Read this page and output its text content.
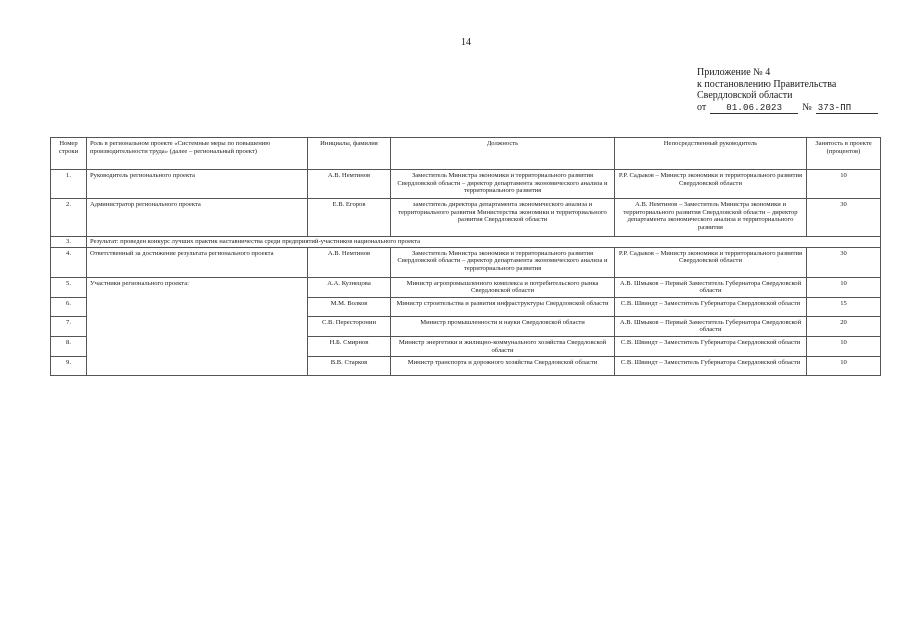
14
Приложение № 4
к постановлению Правительства
Свердловской области
от 01.06.2023 № 373-ПП
Номер строки	Роль в региональном проекте «Системные меры по повышению производительности труда» (далее – региональный проект)	Инициалы, фамилия	Должность	Непосредственный руководитель	Занятость в проекте (процентов)
1.	Руководитель регионального проекта	А.В. Немтинов	Заместитель Министра экономики и территориального развития Свердловской области – директор департамента экономического анализа и территориального развития	Р.Р. Садыков – Министр экономики и территориального развития Свердловской области	10
2.	Администратор регионального проекта	Е.В. Егоров	заместитель директора департамента экономического анализа и территориального развития Министерства экономики и территориального развития Свердловской области	А.В. Немтинов – Заместитель Министра экономики и территориального развития Свердловской области – директор департамента экономического анализа и территориального развития	30
3.	Результат: проведен конкурс лучших практик наставничества среди предприятий-участников национального проекта				
4.	Ответственный за достижение результата регионального проекта	А.В. Немтинов	Заместитель Министра экономики и территориального развития Свердловской области – директор департамента экономического анализа и территориального развития	Р.Р. Садыков – Министр экономики и территориального развития Свердловской области	30
5.	Участники регионального проекта:	А.А. Кузнецова	Министр агропромышленного комплекса и потребительского рынка Свердловской области	А.В. Шмыков – Первый Заместитель Губернатора Свердловской области	10
6.		М.М. Волков	Министр строительства и развития инфраструктуры Свердловской области	С.В. Швиндт – Заместитель Губернатора Свердловской области	15
7.		С.В. Пересторонин	Министр промышленности и науки Свердловской области	А.В. Шмыков – Первый Заместитель Губернатора Свердловской области	20
8.		Н.Б. Смирнов	Министр энергетики и жилищно-коммунального хозяйства Свердловской области	С.В. Швиндт – Заместитель Губернатора Свердловской области	10
9.		В.В. Старков	Министр транспорта и дорожного хозяйства Свердловской области	С.В. Швиндт – Заместитель Губернатора Свердловской области	10
